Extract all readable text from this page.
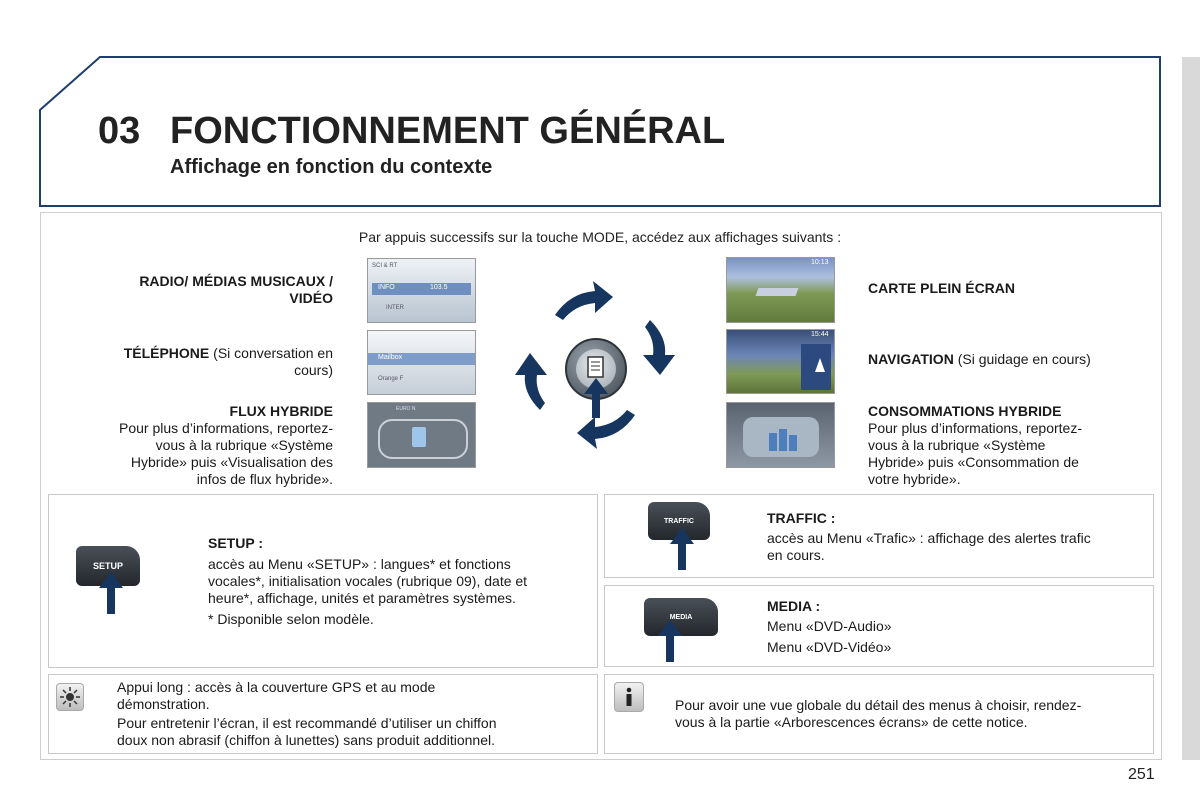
03 FONCTIONNEMENT GÉNÉRAL
Affichage en fonction du contexte
Par appuis successifs sur la touche MODE, accédez aux affichages suivants :
RADIO/ MÉDIAS MUSICAUX /
VIDÉO
TÉLÉPHONE (Si conversation en
cours)
FLUX HYBRIDE
Pour plus d’informations, reportez-
vous à la rubrique «Système
Hybride» puis «Visualisation des
infos de flux hybride».
SCI & RT
INFO	103.5
INTER
Mailbox
Orange F
EURO N
10:13
15:44
CARTE PLEIN ÉCRAN
NAVIGATION (Si guidage en cours)
CONSOMMATIONS HYBRIDE
Pour plus d’informations, reportez-
vous à la rubrique «Système
Hybride» puis «Consommation de
votre hybride».
SETUP
SETUP :
accès au Menu «SETUP» : langues* et fonctions
vocales*, initialisation vocales (rubrique 09), date et
heure*, affichage, unités et paramètres systèmes.
* Disponible selon modèle.
TRAFFIC	TRAFFIC :
accès au Menu «Trafic» : affichage des alertes trafic
en cours.
MEDIA
MEDIA :
Menu «DVD-Audio»
Menu «DVD-Vidéo»
Appui long : accès à la couverture GPS et au mode
démonstration.
Pour entretenir l’écran, il est recommandé d’utiliser un chiffon
doux non abrasif (chiffon à lunettes) sans produit additionnel.
Pour avoir une vue globale du détail des menus à choisir, rendez-
vous à la partie «Arborescences écrans» de cette notice.
251
